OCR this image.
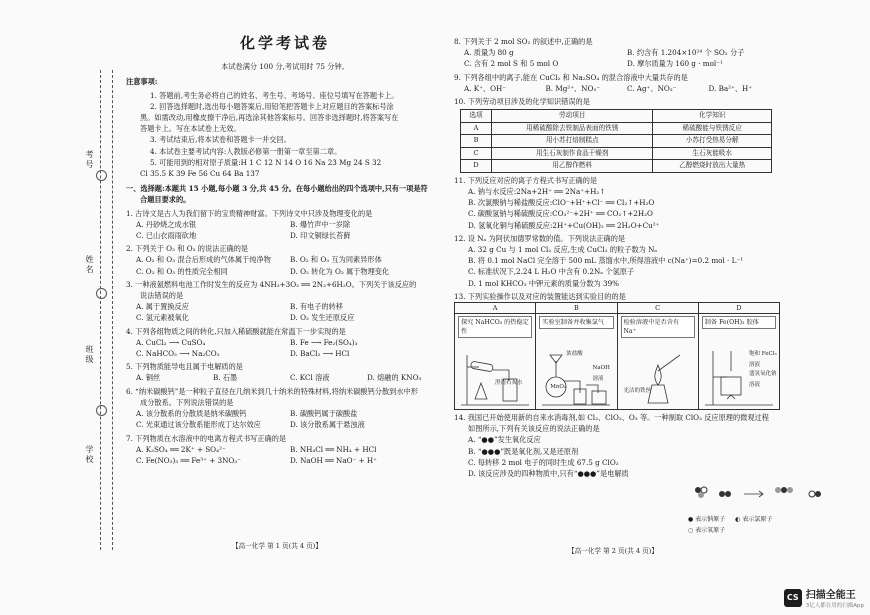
考号
姓名
班级
学校

化学考试卷

本试卷满分 100 分,考试用时 75 分钟。

注意事项:

1. 答题前,考生务必将自己的姓名、考生号、考场号、座位号填写在答题卡上。

2. 回答选择题时,选出每小题答案后,用铅笔把答题卡上对应题目的答案标号涂

黑。如需改动,用橡皮擦干净后,再选涂其他答案标号。回答非选择题时,将答案写在

答题卡上。写在本试卷上无效。

3. 考试结束后,将本试卷和答题卡一并交回。

4. 本试卷主要考试内容:人教版必修第一册第一章至第二章。

5. 可能用到的相对原子质量:H 1 C 12 N 14 O 16 Na 23 Mg 24 S 32

Cl 35.5 K 39 Fe 56 Cu 64 Ba 137

一、选择题:本题共 15 小题,每小题 3 分,共 45 分。在每小题给出的四个选项中,只有一项是符

合题目要求的。

1. 古诗文是古人为我们留下的宝贵精神财富。下列诗文中只涉及物理变化的是

A. 丹砂烧之成水银	B. 爆竹声中一岁除
C. 已山衣雨雨砍地	D. 印文铜绿长苔藓

2. 下列关于 O₂ 和 O₃ 的说法正确的是

A. O₂ 和 O₃ 混合后形成的气体属于纯净物	B. O₂ 和 O₃ 互为同素异形体
C. O₂ 和 O₃ 的性质完全相同	D. O₂ 转化为 O₃ 属于物理变化

3. 一种液氨燃料电池工作时发生的反应为 4NH₃+3O₂ ══ 2N₂+6H₂O。下列关于该反应的

说法错误的是

A. 属于置换反应	B. 有电子的转移
C. 氢元素被氧化	D. O₂ 发生还原反应

4. 下列各组物质之间的转化,只加入稀硫酸就能在常温下一步实现的是

A. CuCl₂ ⟶ CuSO₄	B. Fe ⟶ Fe₂(SO₄)₃
C. NaHCO₃ ⟶ Na₂CO₃	D. BaCl₂ ⟶ HCl

5. 下列物质能导电且属于电解质的是

A. 铜丝	B. 石墨	C. KCl 溶液	D. 熔融的 KNO₃

6. “纳米碳酸钙”是一种粒子直径在几纳米到几十纳米的特殊材料,将纳米碳酸钙分散到水中形

成分散系。下列说法错误的是

A. 该分散系的分散质是纳米碳酸钙	B. 碳酸钙属于碳酸盐
C. 光束通过该分散系能形成丁达尔效应	D. 该分散系属于悬浊液

7. 下列物质在水溶液中的电离方程式书写正确的是

A. K₂SO₄ ══ 2K⁺ + SO₄²⁻	B. NH₄Cl ══ NH₄ + HCl
C. Fe(NO₃)₃ ══ Fe³⁺ + 3NO₃⁻	D. NaOH ══ NaO⁻ + H⁺
【高一化学 第 1 页(共 4 页)】

8. 下列关于 2 mol SO₂ 的叙述中,正确的是

A. 质量为 80 g	B. 约含有 1.204×10²⁴ 个 SO₂ 分子
C. 含有 2 mol S 和 5 mol O	D. 摩尔质量为 160 g · mol⁻¹

9. 下列各组中的离子,能在 CuCl₂ 和 Na₂SO₄ 的混合溶液中大量共存的是

A. K⁺、OH⁻	B. Mg²⁺、NO₃⁻	C. Ag⁺、NO₃⁻	D. Ba²⁺、H⁺

10. 下列劳动项目涉及的化学知识错误的是

选项	劳动项目	化学知识
A	用稀硫酸除去铁制品表面的铁锈	稀硫酸能与铁锈反应
B	用小苏打焙制糕点	小苏打受热易分解
C	用生石灰制作食品干燥剂	生石灰能吸水
D	用乙醇作燃料	乙醇燃烧时放出大量热

11. 下列反应对应的离子方程式书写正确的是

A. 钠与水反应:2Na+2H⁺ ══ 2Na⁺+H₂↑

B. 次氯酸钠与稀盐酸反应:ClO⁻+H⁺+Cl⁻ ══ Cl₂↑+H₂O

C. 碳酸氢钠与稀硫酸反应:CO₃²⁻+2H⁺ ══ CO₂↑+2H₂O

D. 氢氧化铜与稀硫酸反应:2H⁺+Cu(OH)₂ ══ 2H₂O+Cu²⁺

12. 设 Nₐ 为阿伏加德罗常数的值。下列说法正确的是

A. 32 g Cu 与 1 mol Cl₂ 反应,生成 CuCl₂ 的粒子数为 Nₐ

B. 将 0.1 mol NaCl 完全溶于 500 mL 蒸馏水中,所得溶液中 c(Na⁺)=0.2 mol · L⁻¹

C. 标准状况下,2.24 L H₂O 中含有 0.2Nₐ 个氢原子

D. 1 mol KHCO₃ 中钾元素的质量分数为 39%

13. 下列实验操作以及对应的装置能达到实验目的的是

A
探究 NaHCO₃ 的热稳定性
澄清石灰水
B
实验室制备并收集氯气
浓盐酸
MnO₂
NaOH 溶液
C
检验溶液中是否含有 Na⁺
光洁的铁丝
D
制备 Fe(OH)₃ 胶体
饱和 FeCl₃ 溶液
盛氢氧化钠溶液

14. 我国已开始使用新的自来水消毒剂,如 Cl₂、ClO₂、O₃ 等。一种制取 ClO₂ 反应原理的微观过程

如图所示,下列有关该反应的说法正确的是

A. “●●”发生氧化反应

B. “●●●”既是氧化剂,又是还原剂

C. 每转移 2 mol 电子的同时生成 67.5 g ClO₂

D. 该反应涉及的四种物质中,只有“●●●”是电解质

● 表示钠原子 ◐ 表示氯原子
○ 表示氧原子
【高一化学 第 2 页(共 4 页)】
CS 扫描全能王
3亿人都在用的扫描App
